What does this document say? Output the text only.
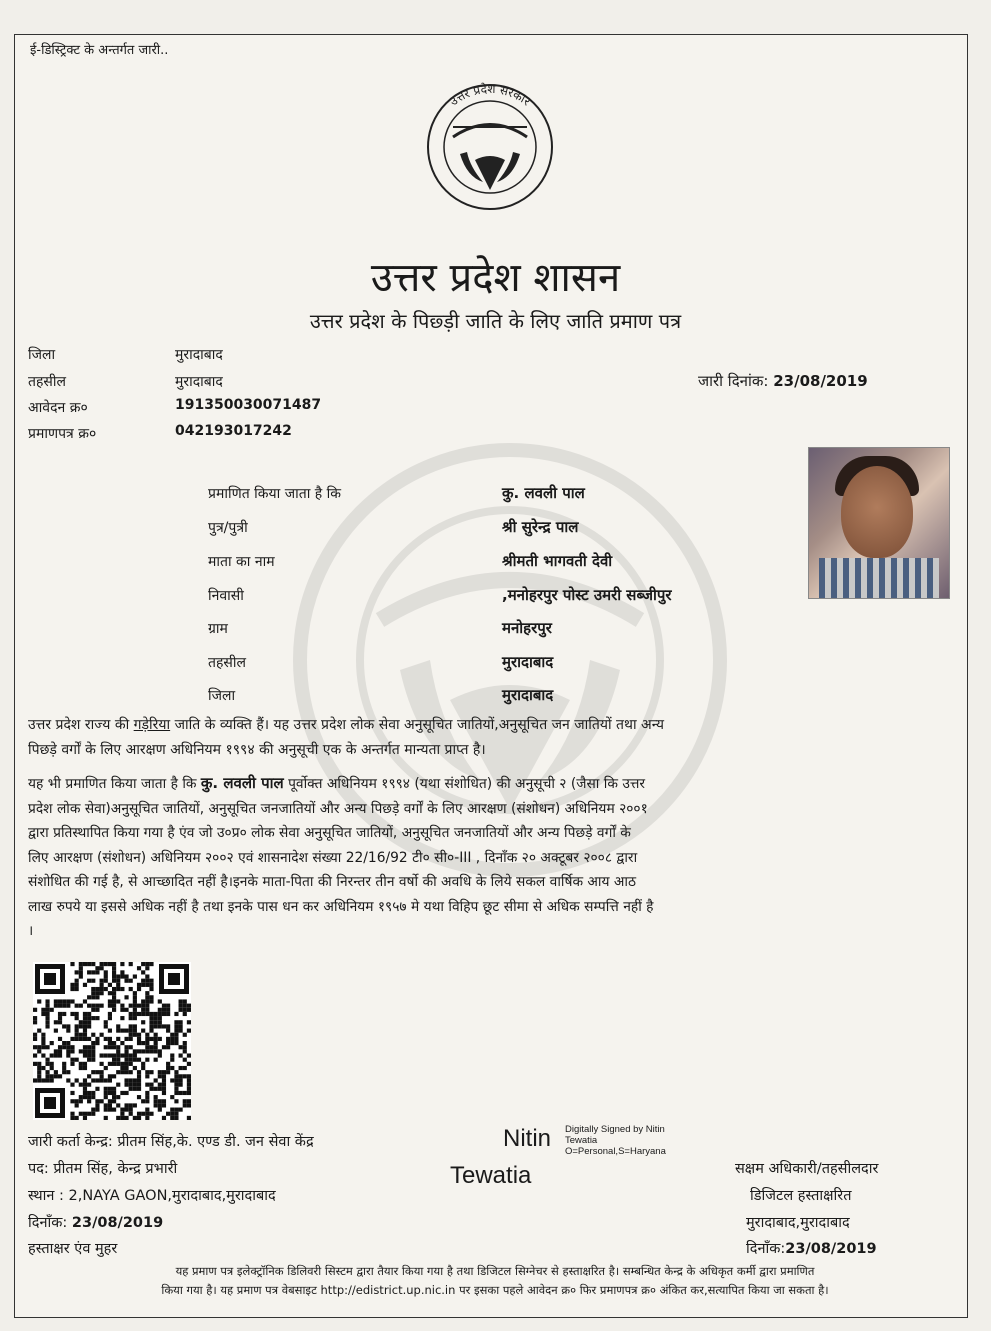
ई-डिस्ट्रिक्ट के अन्तर्गत जारी..
उत्तर प्रदेश सरकार
उत्तर प्रदेश शासन
उत्तर प्रदेश के पिछ्ड़ी जाति के लिए जाति प्रमाण पत्र
जिला	मुरादाबाद
तहसील	मुरादाबाद
आवेदन क्र०	191350030071487
प्रमाणपत्र क्र०	042193017242
जारी दिनांक: 23/08/2019
प्रमाणित किया जाता है कि	कु. लवली पाल
पुत्र/पुत्री	श्री सुरेन्द्र पाल
माता का नाम	श्रीमती भागवती देवी
निवासी	,मनोहरपुर पोस्ट उमरी सब्जीपुर
ग्राम	मनोहरपुर
तहसील	मुरादाबाद
जिला	मुरादाबाद
उत्तर प्रदेश राज्य की गड़ेरिया जाति के व्यक्ति हैं। यह उत्तर प्रदेश लोक सेवा अनुसूचित जातियों,अनुसूचित जन जातियों तथा अन्य
पिछड़े वर्गों के लिए आरक्षण अधिनियम १९९४ की अनुसूची एक के अन्तर्गत मान्यता प्राप्त है।
यह भी प्रमाणित किया जाता है कि कु. लवली पाल पूर्वोक्त अधिनियम १९९४ (यथा संशोधित) की अनुसूची २ (जैसा कि उत्तर
प्रदेश लोक सेवा)अनुसूचित जातियों, अनुसूचित जनजातियों और अन्य पिछड़े वर्गों के लिए आरक्षण (संशोधन) अधिनियम २००१
द्वारा प्रतिस्थापित किया गया है एंव जो उ०प्र० लोक सेवा अनुसूचित जातियों, अनुसूचित जनजातियों और अन्य पिछड़े वर्गों के
लिए आरक्षण (संशोधन) अधिनियम २००२ एवं शासनादेश संख्या 22/16/92 टी० सी०-III , दिनाँक २० अक्टूबर २००८ द्वारा
संशोधित की गई है, से आच्छादित नहीं है।इनके माता-पिता की निरन्तर तीन वर्षो की अवधि के लिये सकल वार्षिक आय आठ
लाख रुपये या इससे अधिक नहीं है तथा इनके पास धन कर अधिनियम १९५७ मे यथा विहिप छूट सीमा से अधिक सम्पत्ति नहीं है
।
जारी कर्ता केन्द्र: प्रीतम सिंह,के. एण्ड डी. जन सेवा केंद्र
पद: प्रीतम सिंह, केन्द्र प्रभारी
स्थान : 2,NAYA GAON,मुरादाबाद,मुरादाबाद
दिनाँक: 23/08/2019
हस्ताक्षर एंव मुहर
Nitin
Tewatia
Digitally Signed by Nitin
Tewatia
O=Personal,S=Haryana
सक्षम अधिकारी/तहसीलदार
डिजिटल हस्ताक्षरित
मुरादाबाद,मुरादाबाद
दिनाँक:23/08/2019
यह प्रमाण पत्र इलेक्ट्रॉनिक डिलिवरी सिस्टम द्वारा तैयार किया गया है तथा डिजिटल सिग्नेचर से हस्ताक्षरित है। सम्बन्धित केन्द्र के अधिकृत कर्मी द्वारा प्रमाणित
किया गया है। यह प्रमाण पत्र वेबसाइट http://edistrict.up.nic.in पर इसका पहले आवेदन क्र० फिर प्रमाणपत्र क्र० अंकित कर,सत्यापित किया जा सकता है।
